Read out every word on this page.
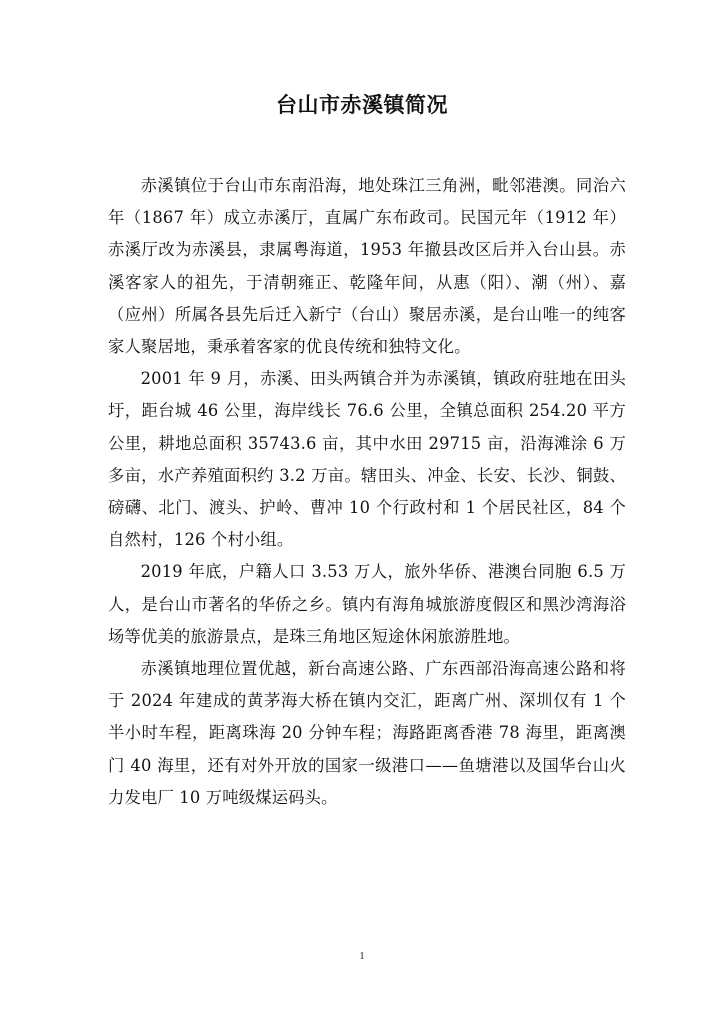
台山市赤溪镇简况

赤溪镇位于台山市东南沿海，地处珠江三角洲，毗邻港澳。同治六年（1867 年）成立赤溪厅，直属广东布政司。民国元年（1912 年）赤溪厅改为赤溪县，隶属粤海道，1953 年撤县改区后并入台山县。赤溪客家人的祖先，于清朝雍正、乾隆年间，从惠（阳）、潮（州）、嘉（应州）所属各县先后迁入新宁（台山）聚居赤溪，是台山唯一的纯客家人聚居地，秉承着客家的优良传统和独特文化。

2001 年 9 月，赤溪、田头两镇合并为赤溪镇，镇政府驻地在田头圩，距台城 46 公里，海岸线长 76.6 公里，全镇总面积 254.20 平方公里，耕地总面积 35743.6 亩，其中水田 29715 亩，沿海滩涂 6 万多亩，水产养殖面积约 3.2 万亩。辖田头、冲金、长安、长沙、铜鼓、磅礴、北门、渡头、护岭、曹冲 10 个行政村和 1 个居民社区，84 个自然村，126 个村小组。

2019 年底，户籍人口 3.53 万人，旅外华侨、港澳台同胞 6.5 万人，是台山市著名的华侨之乡。镇内有海角城旅游度假区和黑沙湾海浴场等优美的旅游景点，是珠三角地区短途休闲旅游胜地。

赤溪镇地理位置优越，新台高速公路、广东西部沿海高速公路和将于 2024 年建成的黄茅海大桥在镇内交汇，距离广州、深圳仅有 1 个半小时车程，距离珠海 20 分钟车程；海路距离香港 78 海里，距离澳门 40 海里，还有对外开放的国家一级港口——鱼塘港以及国华台山火力发电厂 10 万吨级煤运码头。

1
